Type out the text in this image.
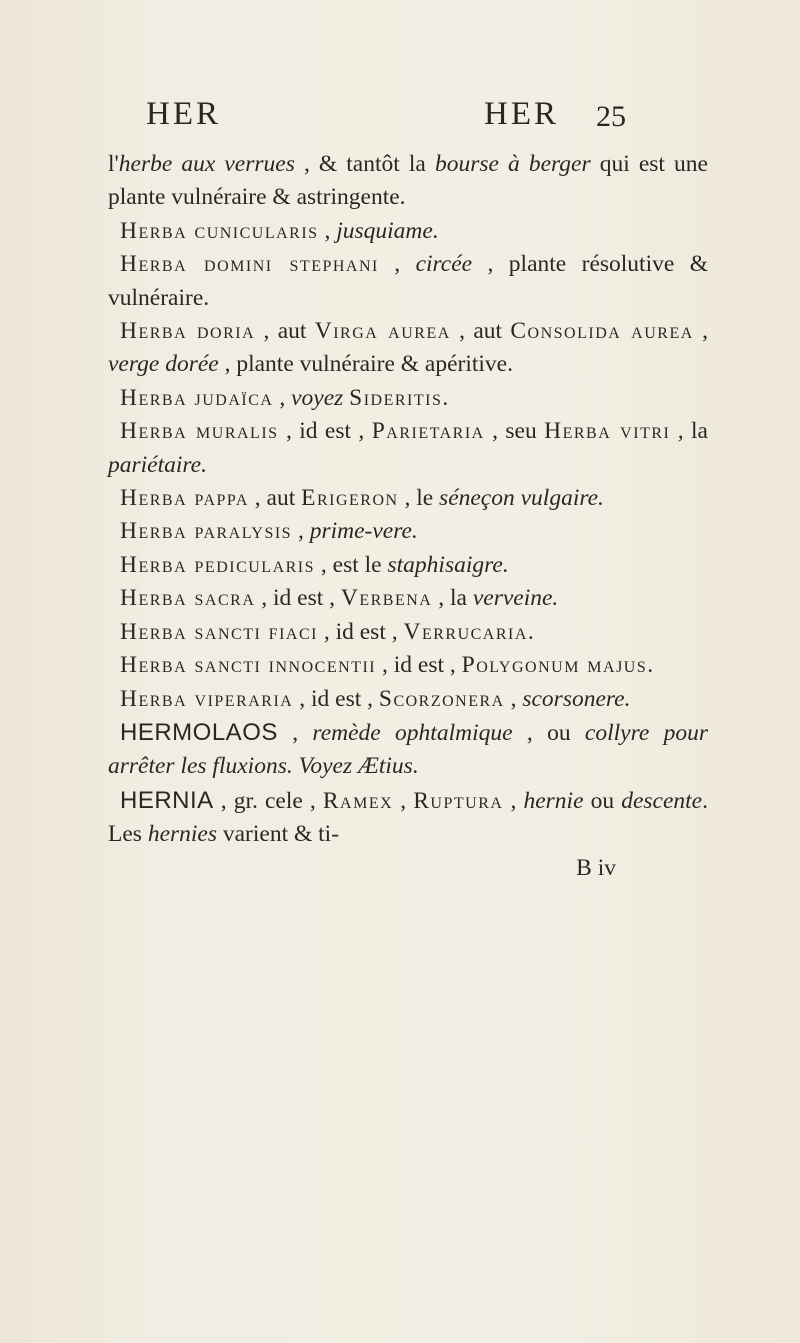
HER	HER 25

l'herbe aux verrues , & tantôt la bourse à berger qui est une plante vulnéraire & astringente.

Herba cunicularis , jusquiame.

Herba domini stephani , circée , plante résolutive & vulnéraire.

Herba doria , aut Virga aurea , aut Consolida aurea , verge dorée , plante vulnéraire & apéritive.

Herba judaïca , voyez Sideritis.

Herba muralis , id est , Parietaria , seu Herba vitri , la pariétaire.

Herba pappa , aut Erigeron , le séneçon vulgaire.

Herba paralysis , prime-vere.

Herba pedicularis , est le staphisaigre.

Herba sacra , id est , Verbena , la verveine.

Herba sancti fiaci , id est , Verrucaria.

Herba sancti innocentii , id est , Polygonum majus.

Herba viperaria , id est , Scorzonera , scorsonere.

HERMOLAOS , remède ophtalmique , ou collyre pour arrêter les fluxions. Voyez Ætius.

HERNIA , gr. cele , Ramex , Ruptura , hernie ou descente. Les hernies varient & ti-

B iv
